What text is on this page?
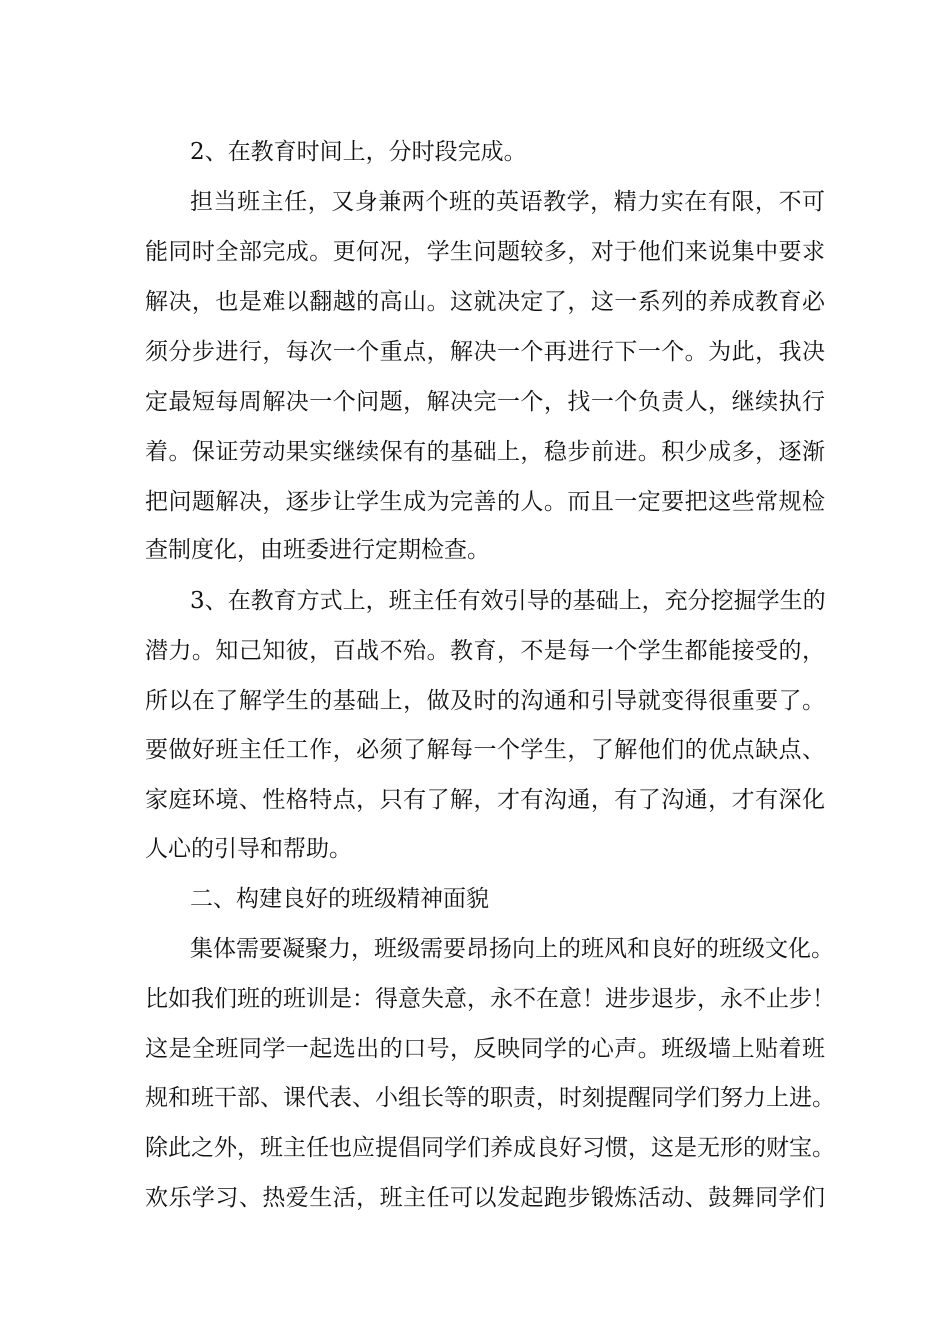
2、在教育时间上，分时段完成。
担当班主任，又身兼两个班的英语教学，精力实在有限，不可
能同时全部完成。更何况，学生问题较多，对于他们来说集中要求
解决，也是难以翻越的高山。这就决定了，这一系列的养成教育必
须分步进行，每次一个重点，解决一个再进行下一个。为此，我决
定最短每周解决一个问题，解决完一个，找一个负责人，继续执行
着。保证劳动果实继续保有的基础上，稳步前进。积少成多，逐渐
把问题解决，逐步让学生成为完善的人。而且一定要把这些常规检
查制度化，由班委进行定期检查。
3、在教育方式上，班主任有效引导的基础上，充分挖掘学生的
潜力。知己知彼，百战不殆。教育，不是每一个学生都能接受的，
所以在了解学生的基础上，做及时的沟通和引导就变得很重要了。
要做好班主任工作，必须了解每一个学生，了解他们的优点缺点、
家庭环境、性格特点，只有了解，才有沟通，有了沟通，才有深化
人心的引导和帮助。
二、构建良好的班级精神面貌
集体需要凝聚力，班级需要昂扬向上的班风和良好的班级文化。
比如我们班的班训是：得意失意，永不在意！进步退步，永不止步！
这是全班同学一起选出的口号，反映同学的心声。班级墙上贴着班
规和班干部、课代表、小组长等的职责，时刻提醒同学们努力上进。
除此之外，班主任也应提倡同学们养成良好习惯，这是无形的财宝。
欢乐学习、热爱生活，班主任可以发起跑步锻炼活动、鼓舞同学们
